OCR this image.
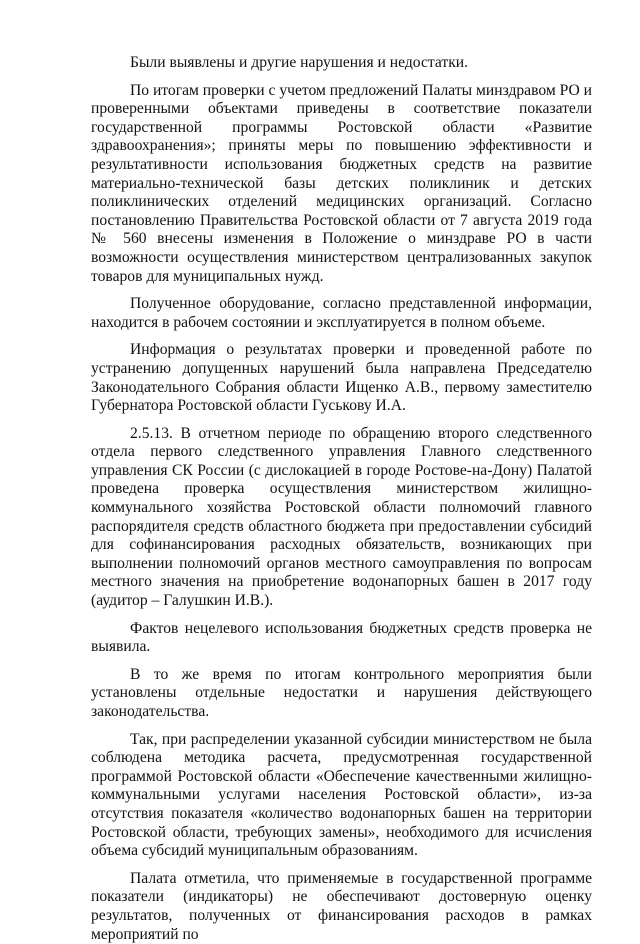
Были выявлены и другие нарушения и недостатки.

По итогам проверки с учетом предложений Палаты минздравом РО и проверенными объектами приведены в соответствие показатели государственной программы Ростовской области «Развитие здравоохранения»; приняты меры по повышению эффективности и результативности использования бюджетных средств на развитие материально-технической базы детских поликлиник и детских поликлинических отделений медицинских организаций. Согласно постановлению Правительства Ростовской области от 7 августа 2019 года № 560 внесены изменения в Положение о минздраве РО в части возможности осуществления министерством централизованных закупок товаров для муниципальных нужд.

Полученное оборудование, согласно представленной информации, находится в рабочем состоянии и эксплуатируется в полном объеме.

Информация о результатах проверки и проведенной работе по устранению допущенных нарушений была направлена Председателю Законодательного Собрания области Ищенко А.В., первому заместителю Губернатора Ростовской области Гуськову И.А.

2.5.13. В отчетном периоде по обращению второго следственного отдела первого следственного управления Главного следственного управления СК России (с дислокацией в городе Ростове-на-Дону) Палатой проведена проверка осуществления министерством жилищно-коммунального хозяйства Ростовской области полномочий главного распорядителя средств областного бюджета при предоставлении субсидий для софинансирования расходных обязательств, возникающих при выполнении полномочий органов местного самоуправления по вопросам местного значения на приобретение водонапорных башен в 2017 году (аудитор – Галушкин И.В.).

Фактов нецелевого использования бюджетных средств проверка не выявила.

В то же время по итогам контрольного мероприятия были установлены отдельные недостатки и нарушения действующего законодательства.

Так, при распределении указанной субсидии министерством не была соблюдена методика расчета, предусмотренная государственной программой Ростовской области «Обеспечение качественными жилищно-коммунальными услугами населения Ростовской области», из-за отсутствия показателя «количество водонапорных башен на территории Ростовской области, требующих замены», необходимого для исчисления объема субсидий муниципальным образованиям.

Палата отметила, что применяемые в государственной программе показатели (индикаторы) не обеспечивают достоверную оценку результатов, полученных от финансирования расходов в рамках мероприятий по
